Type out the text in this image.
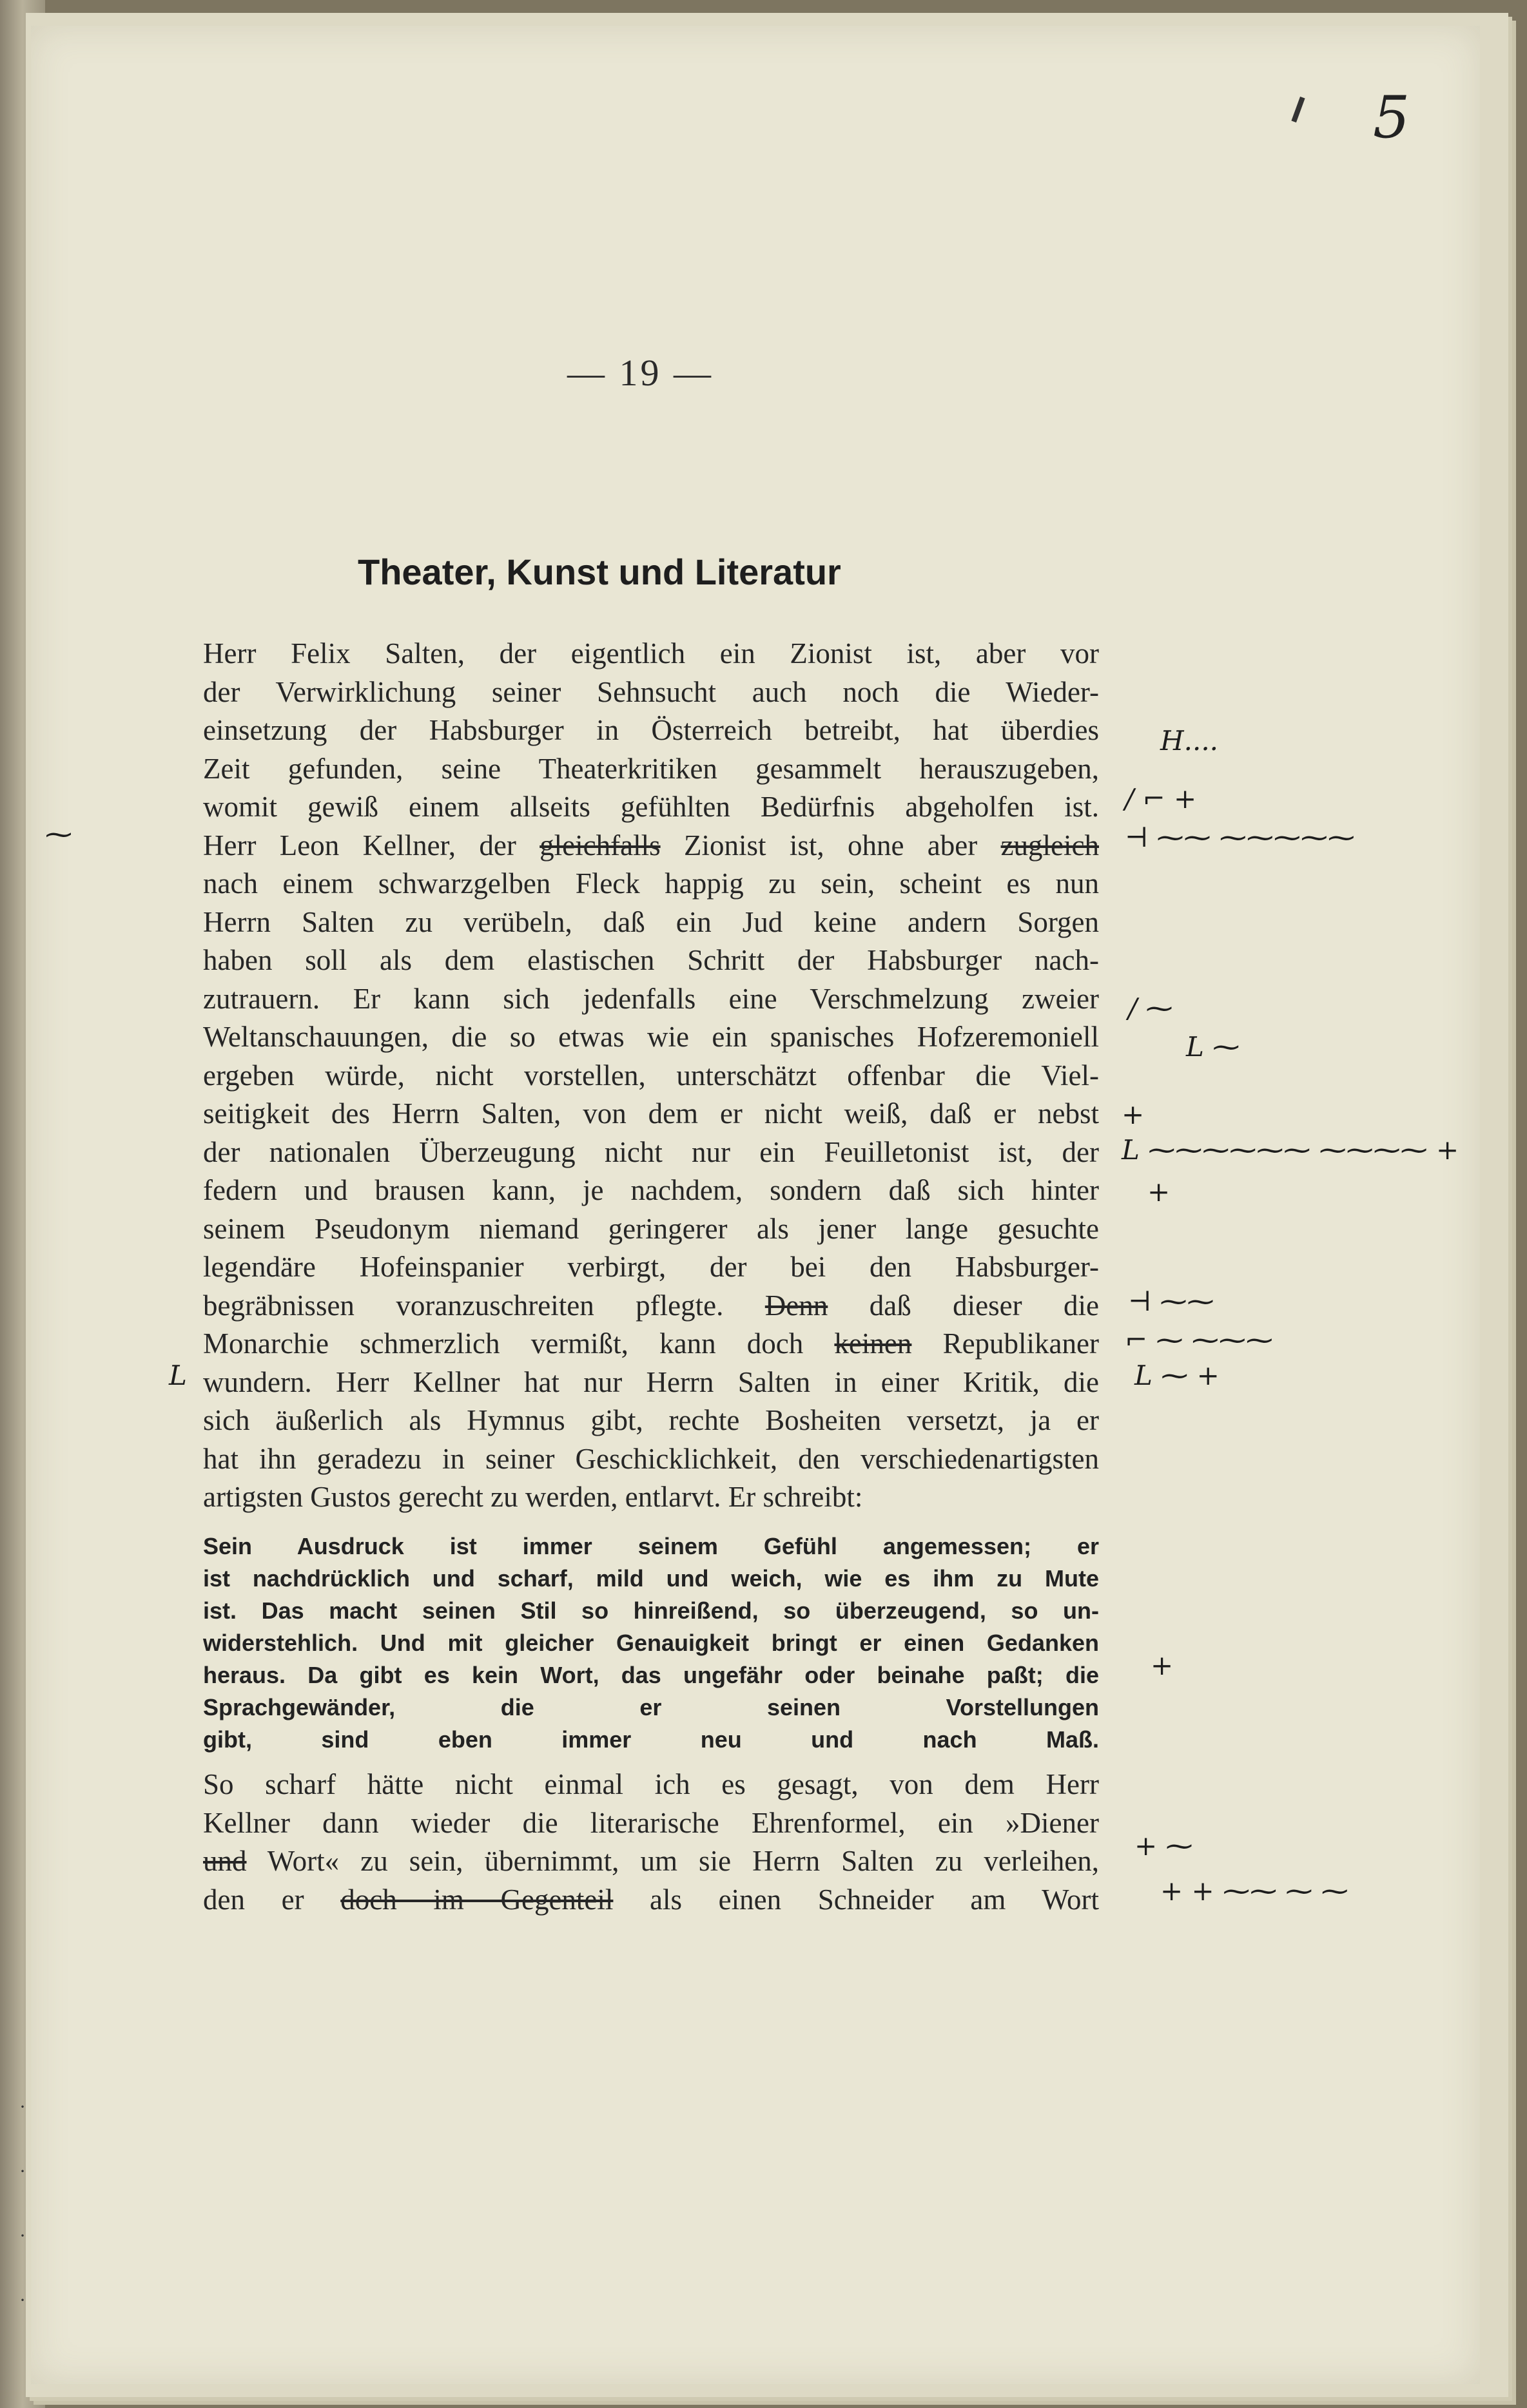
5
— 19 —
Theater, Kunst und Literatur
Herr Felix Salten, der eigentlich ein Zionist ist, aber vor
der Verwirklichung seiner Sehnsucht auch noch die Wieder-
einsetzung der Habsburger in Österreich betreibt, hat überdies
Zeit gefunden, seine Theaterkritiken gesammelt herauszugeben,
womit gewiß einem allseits gefühlten Bedürfnis abgeholfen ist.
Herr Leon Kellner, der gleichfalls Zionist ist, ohne aber zugleich
nach einem schwarzgelben Fleck happig zu sein, scheint es nun
Herrn Salten zu verübeln, daß ein Jud keine andern Sorgen
haben soll als dem elastischen Schritt der Habsburger nach-
zutrauern. Er kann sich jedenfalls eine Verschmelzung zweier
Weltanschauungen, die so etwas wie ein spanisches Hofzeremoniell
ergeben würde, nicht vorstellen, unterschätzt offenbar die Viel-
seitigkeit des Herrn Salten, von dem er nicht weiß, daß er nebst
der nationalen Überzeugung nicht nur ein Feuilletonist ist, der
federn und brausen kann, je nachdem, sondern daß sich hinter
seinem Pseudonym niemand geringerer als jener lange gesuchte
legendäre Hofeinspanier verbirgt, der bei den Habsburger-
begräbnissen voranzuschreiten pflegte. Denn daß dieser die
Monarchie schmerzlich vermißt, kann doch keinen Republikaner
wundern. Herr Kellner hat nur Herrn Salten in einer Kritik, die
sich äußerlich als Hymnus gibt, rechte Bosheiten versetzt, ja er
hat ihn geradezu in seiner Geschicklichkeit, den verschiedenartigsten
artigsten Gustos gerecht zu werden, entlarvt. Er schreibt:
Sein Ausdruck ist immer seinem Gefühl angemessen; er
ist nachdrücklich und scharf, mild und weich, wie es ihm zu Mute
ist. Das macht seinen Stil so hinreißend, so überzeugend, so un-
widerstehlich. Und mit gleicher Genauigkeit bringt er einen Gedanken
heraus. Da gibt es kein Wort, das ungefähr oder beinahe paßt; die
Sprachgewänder, die er seinen Vorstellungen
gibt, sind eben immer neu und nach Maß.
So scharf hätte nicht einmal ich es gesagt, von dem Herr
Kellner dann wieder die literarische Ehrenformel, ein »Diener
und Wort« zu sein, übernimmt, um sie Herrn Salten zu verleihen,
den er doch im Gegenteil als einen Schneider am Wort
H....
/ ⌐ +
⊣ ⁓⁓ ⁓⁓⁓⁓⁓
/ ⁓
L ⁓
+
L ⁓⁓⁓⁓⁓⁓ ⁓⁓⁓⁓ +
+
⊣ ⁓⁓
⌐ ⁓ ⁓⁓⁓
L ⁓ +
+
+ ⁓
+ + ⁓⁓ ⁓ ⁓
L
⁓
·
·
·
·
